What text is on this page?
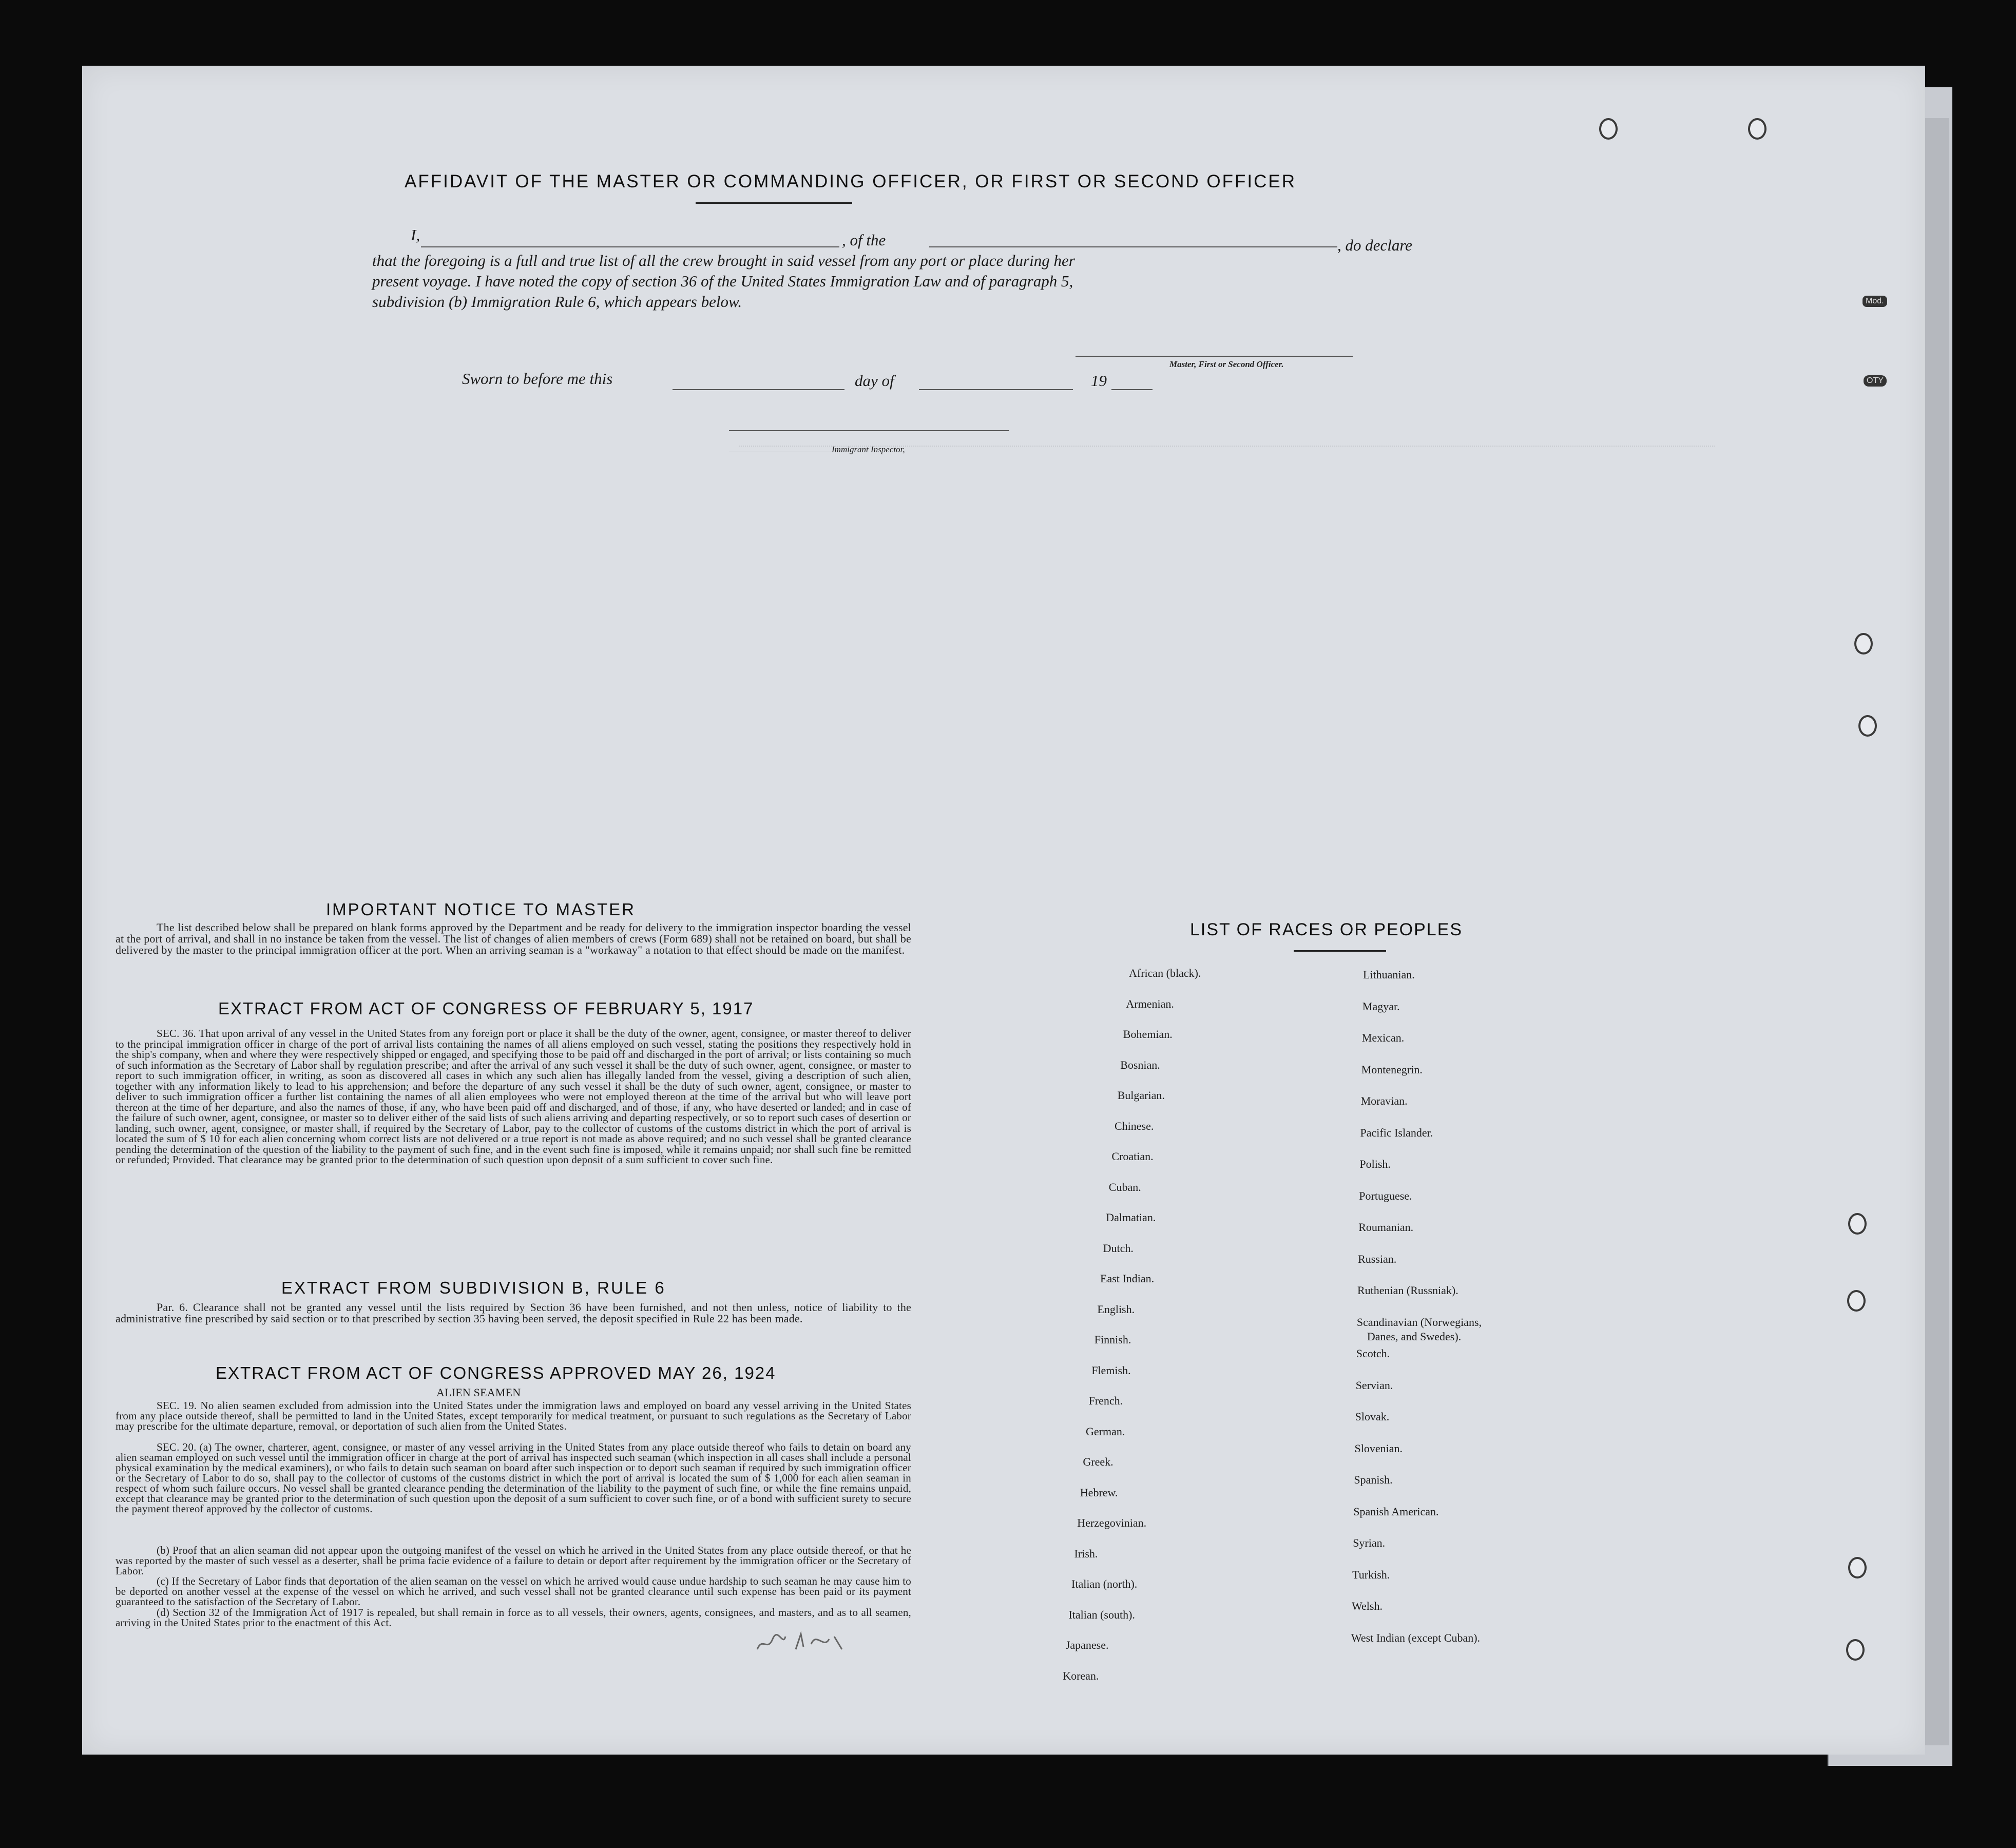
Mod.
OTY
AFFIDAVIT OF THE MASTER OR COMMANDING OFFICER, OR FIRST OR SECOND OFFICER
I,	, of the	, do declare
that the foregoing is a full and true list of all the crew brought in said vessel from any port or place during her
present voyage. I have noted the copy of section 36 of the United States Immigration Law and of paragraph 5,
subdivision (b) Immigration Rule 6, which appears below.
Master, First or Second Officer.
Sworn to before me this	day of	19
Immigrant Inspector,
IMPORTANT NOTICE TO MASTER
The list described below shall be prepared on blank forms approved by the Department and be ready for delivery to the immigration inspector boarding the vessel at the port of arrival, and shall in no instance be taken from the vessel. The list of changes of alien members of crews (Form 689) shall not be retained on board, but shall be delivered by the master to the principal immigration officer at the port. When an arriving seaman is a "workaway" a notation to that effect should be made on the manifest.
EXTRACT FROM ACT OF CONGRESS OF FEBRUARY 5, 1917
SEC. 36. That upon arrival of any vessel in the United States from any foreign port or place it shall be the duty of the owner, agent, consignee, or master thereof to deliver to the principal immigration officer in charge of the port of arrival lists containing the names of all aliens employed on such vessel, stating the positions they respectively hold in the ship's company, when and where they were respectively shipped or engaged, and specifying those to be paid off and discharged in the port of arrival; or lists containing so much of such information as the Secretary of Labor shall by regulation prescribe; and after the arrival of any such vessel it shall be the duty of such owner, agent, consignee, or master to report to such immigration officer, in writing, as soon as discovered all cases in which any such alien has illegally landed from the vessel, giving a description of such alien, together with any information likely to lead to his apprehension; and before the departure of any such vessel it shall be the duty of such owner, agent, consignee, or master to deliver to such immigration officer a further list containing the names of all alien employees who were not employed thereon at the time of the arrival but who will leave port thereon at the time of her departure, and also the names of those, if any, who have been paid off and discharged, and of those, if any, who have deserted or landed; and in case of the failure of such owner, agent, consignee, or master so to deliver either of the said lists of such aliens arriving and departing respectively, or so to report such cases of desertion or landing, such owner, agent, consignee, or master shall, if required by the Secretary of Labor, pay to the collector of customs of the customs district in which the port of arrival is located the sum of $ 10 for each alien concerning whom correct lists are not delivered or a true report is not made as above required; and no such vessel shall be granted clearance pending the determination of the question of the liability to the payment of such fine, and in the event such fine is imposed, while it remains unpaid; nor shall such fine be remitted or refunded; Provided. That clearance may be granted prior to the determination of such question upon deposit of a sum sufficient to cover such fine.
EXTRACT FROM SUBDIVISION B, RULE 6
Par. 6. Clearance shall not be granted any vessel until the lists required by Section 36 have been furnished, and not then unless, notice of liability to the administrative fine prescribed by said section or to that prescribed by section 35 having been served, the deposit specified in Rule 22 has been made.
EXTRACT FROM ACT OF CONGRESS APPROVED MAY 26, 1924
ALIEN SEAMEN
SEC. 19. No alien seamen excluded from admission into the United States under the immigration laws and employed on board any vessel arriving in the United States from any place outside thereof, shall be permitted to land in the United States, except temporarily for medical treatment, or pursuant to such regulations as the Secretary of Labor may prescribe for the ultimate departure, removal, or deportation of such alien from the United States.
SEC. 20. (a) The owner, charterer, agent, consignee, or master of any vessel arriving in the United States from any place outside thereof who fails to detain on board any alien seaman employed on such vessel until the immigration officer in charge at the port of arrival has inspected such seaman (which inspection in all cases shall include a personal physical examination by the medical examiners), or who fails to detain such seaman on board after such inspection or to deport such seaman if required by such immigration officer or the Secretary of Labor to do so, shall pay to the collector of customs of the customs district in which the port of arrival is located the sum of $ 1,000 for each alien seaman in respect of whom such failure occurs. No vessel shall be granted clearance pending the determination of the liability to the payment of such fine, or while the fine remains unpaid, except that clearance may be granted prior to the determination of such question upon the deposit of a sum sufficient to cover such fine, or of a bond with sufficient surety to secure the payment thereof approved by the collector of customs.
(b) Proof that an alien seaman did not appear upon the outgoing manifest of the vessel on which he arrived in the United States from any place outside thereof, or that he was reported by the master of such vessel as a deserter, shall be prima facie evidence of a failure to detain or deport after requirement by the immigration officer or the Secretary of Labor.
(c) If the Secretary of Labor finds that deportation of the alien seaman on the vessel on which he arrived would cause undue hardship to such seaman he may cause him to be deported on another vessel at the expense of the vessel on which he arrived, and such vessel shall not be granted clearance until such expense has been paid or its payment guaranteed to the satisfaction of the Secretary of Labor.
(d) Section 32 of the Immigration Act of 1917 is repealed, but shall remain in force as to all vessels, their owners, agents, consignees, and masters, and as to all seamen, arriving in the United States prior to the enactment of this Act.
LIST OF RACES OR PEOPLES
African (black).
Armenian.
Bohemian.
Bosnian.
Bulgarian.
Chinese.
Croatian.
Cuban.
Dalmatian.
Dutch.
East Indian.
English.
Finnish.
Flemish.
French.
German.
Greek.
Hebrew.
Herzegovinian.
Irish.
Italian (north).
Italian (south).
Japanese.
Korean.
Lithuanian.
Magyar.
Mexican.
Montenegrin.
Moravian.
Pacific Islander.
Polish.
Portuguese.
Roumanian.
Russian.
Ruthenian (Russniak).
Scandinavian (Norwegians,
Danes, and Swedes).
Scotch.
Servian.
Slovak.
Slovenian.
Spanish.
Spanish American.
Syrian.
Turkish.
Welsh.
West Indian (except Cuban).
